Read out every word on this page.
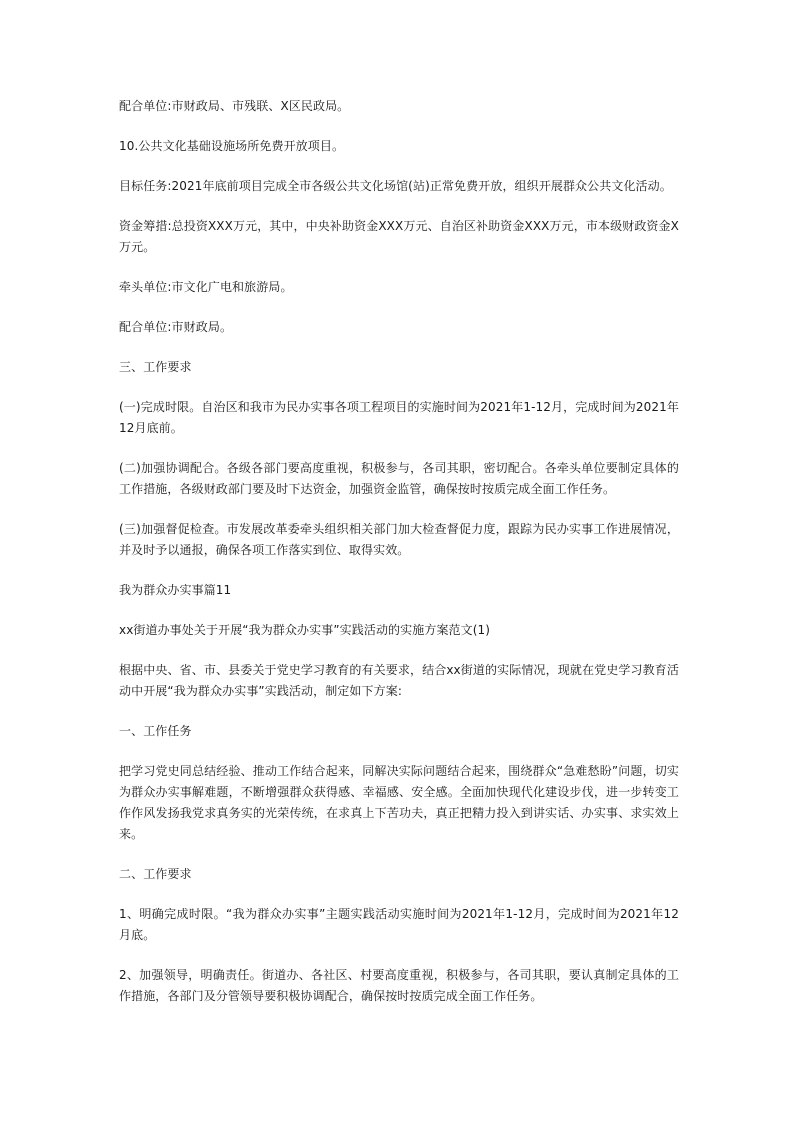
配合单位:市财政局、市残联、X区民政局。

10.公共文化基础设施场所免费开放项目。

目标任务:2021年底前项目完成全市各级公共文化场馆(站)正常免费开放，组织开展群众公共文化活动。

资金筹措:总投资XXX万元，其中，中央补助资金XXX万元、自治区补助资金XXX万元，市本级财政资金X万元。

牵头单位:市文化广电和旅游局。

配合单位:市财政局。

三、工作要求

(一)完成时限。自治区和我市为民办实事各项工程项目的实施时间为2021年1-12月，完成时间为2021年12月底前。

(二)加强协调配合。各级各部门要高度重视，积极参与，各司其职，密切配合。各牵头单位要制定具体的工作措施，各级财政部门要及时下达资金，加强资金监管，确保按时按质完成全面工作任务。

(三)加强督促检查。市发展改革委牵头组织相关部门加大检查督促力度，跟踪为民办实事工作进展情况，并及时予以通报，确保各项工作落实到位、取得实效。

我为群众办实事篇11

xx街道办事处关于开展“我为群众办实事”实践活动的实施方案范文(1)

根据中央、省、市、县委关于党史学习教育的有关要求，结合xx街道的实际情况，现就在党史学习教育活动中开展“我为群众办实事”实践活动，制定如下方案:

一、工作任务

把学习党史同总结经验、推动工作结合起来，同解决实际问题结合起来，围绕群众“急难愁盼”问题，切实为群众办实事解难题，不断增强群众获得感、幸福感、安全感。全面加快现代化建设步伐，进一步转变工作作风发扬我党求真务实的光荣传统，在求真上下苦功夫，真正把精力投入到讲实话、办实事、求实效上来。

二、工作要求

1、明确完成时限。“我为群众办实事”主题实践活动实施时间为2021年1-12月，完成时间为2021年12月底。

2、加强领导，明确责任。街道办、各社区、村要高度重视，积极参与，各司其职，要认真制定具体的工作措施，各部门及分管领导要积极协调配合，确保按时按质完成全面工作任务。
